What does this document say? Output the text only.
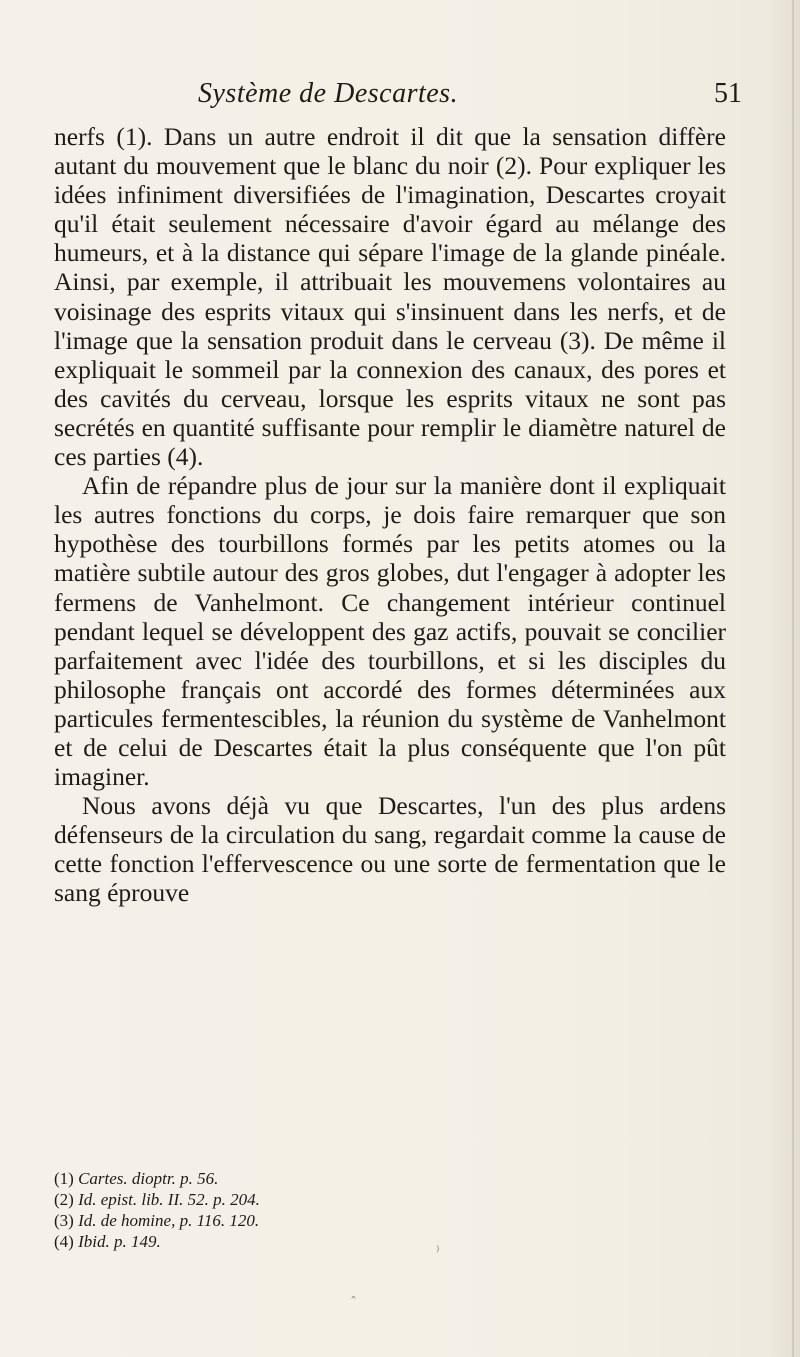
Système de Descartes.	51

nerfs (1). Dans un autre endroit il dit que la sensation diffère autant du mouvement que le blanc du noir (2). Pour expliquer les idées infiniment diversifiées de l'imagination, Descartes croyait qu'il était seulement nécessaire d'avoir égard au mélange des humeurs, et à la distance qui sépare l'image de la glande pinéale. Ainsi, par exemple, il attribuait les mouvemens volontaires au voisinage des esprits vitaux qui s'insinuent dans les nerfs, et de l'image que la sensation produit dans le cerveau (3). De même il expliquait le sommeil par la connexion des canaux, des pores et des cavités du cerveau, lorsque les esprits vitaux ne sont pas secrétés en quantité suffisante pour remplir le diamètre naturel de ces parties (4).

Afin de répandre plus de jour sur la manière dont il expliquait les autres fonctions du corps, je dois faire remarquer que son hypothèse des tourbillons formés par les petits atomes ou la matière subtile autour des gros globes, dut l'engager à adopter les fermens de Vanhelmont. Ce changement intérieur continuel pendant lequel se développent des gaz actifs, pouvait se concilier parfaitement avec l'idée des tourbillons, et si les disciples du philosophe français ont accordé des formes déterminées aux particules fermentescibles, la réunion du système de Vanhelmont et de celui de Descartes était la plus conséquente que l'on pût imaginer.

Nous avons déjà vu que Descartes, l'un des plus ardens défenseurs de la circulation du sang, regardait comme la cause de cette fonction l'effervescence ou une sorte de fermentation que le sang éprouve

(1) Cartes. dioptr. p. 56.
(2) Id. epist. lib. II. 52. p. 204.
(3) Id. de homine, p. 116. 120.
(4) Ibid. p. 149.
⁾
ˆ
